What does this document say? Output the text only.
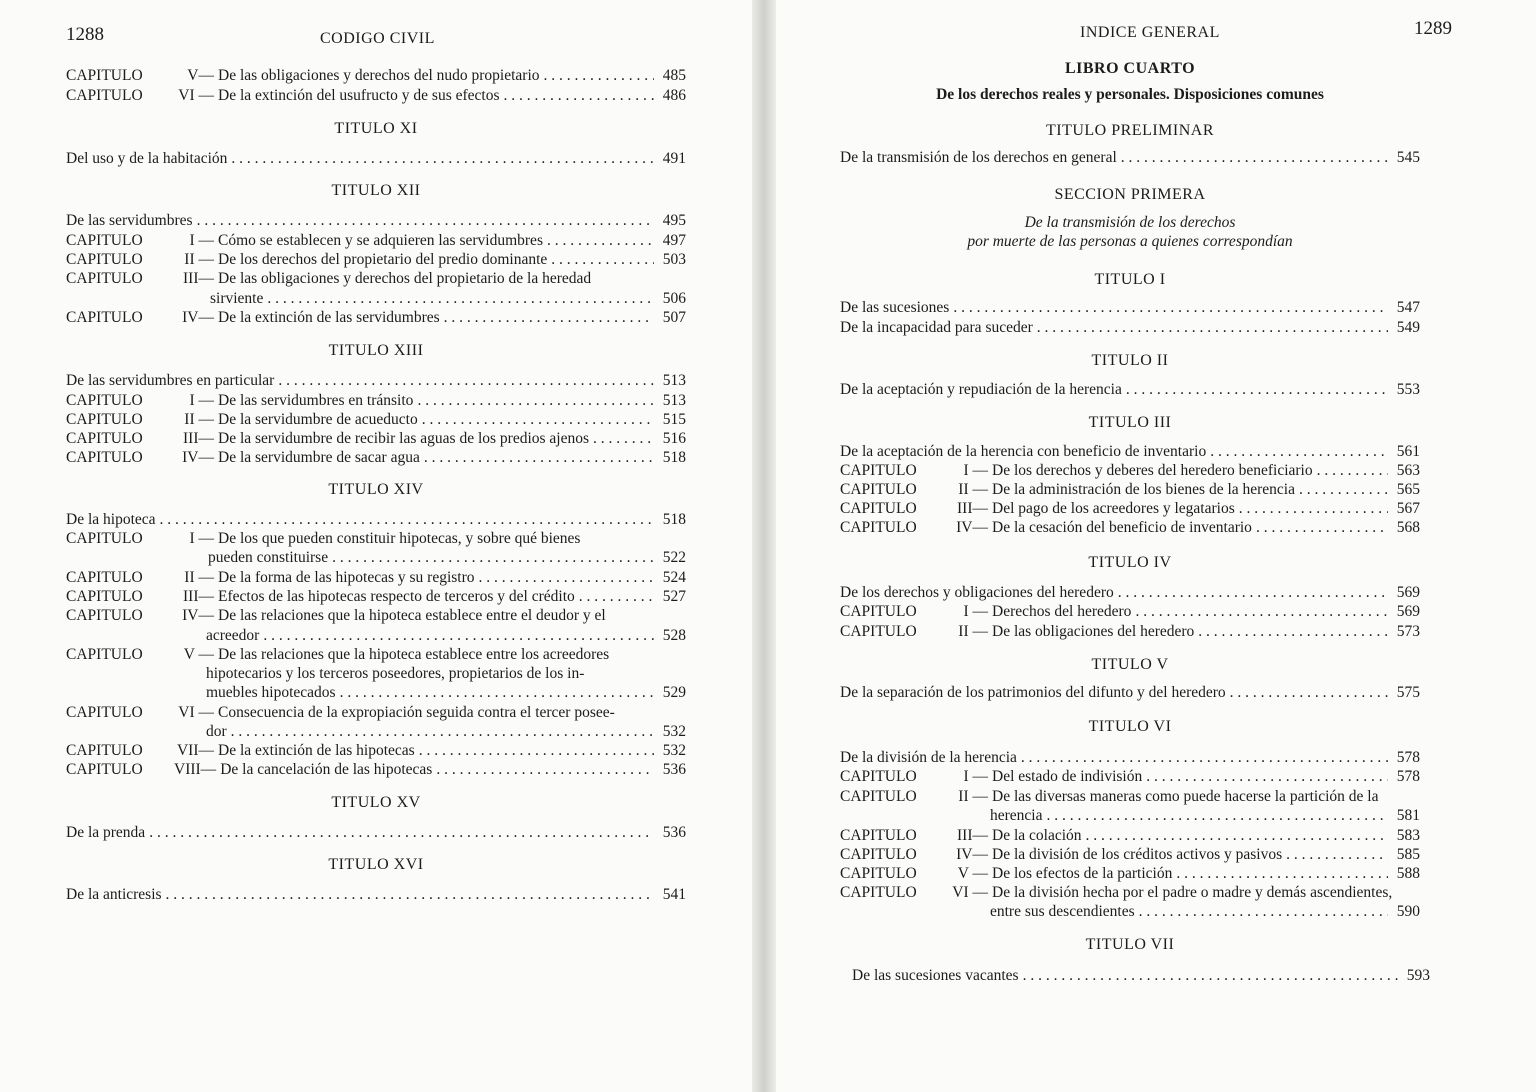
1288	CODIGO CIVIL
CAPITULO	V— De las obligaciones y derechos del nudo propietario . . .	485
CAPITULO	VI — De la extinción del usufructo y de sus efectos . . .	486
TITULO XI
Del uso y de la habitación . . .	491
TITULO XII
De las servidumbres . . .	495
CAPITULO	I — Cómo se establecen y se adquieren las servidumbres . . .	497
CAPITULO	II — De los derechos del propietario del predio dominante . . .	503
CAPITULO	III— De las obligaciones y derechos del propietario de la heredad
sirviente . . .	506
CAPITULO	IV— De la extinción de las servidumbres . . .	507
TITULO XIII
De las servidumbres en particular . . .	513
CAPITULO	I — De las servidumbres en tránsito . . .	513
CAPITULO	II — De la servidumbre de acueducto . . .	515
CAPITULO	III— De la servidumbre de recibir las aguas de los predios ajenos . . .	516
CAPITULO	IV— De la servidumbre de sacar agua . . .	518
TITULO XIV
De la hipoteca . . .	518
CAPITULO	I — De los que pueden constituir hipotecas, y sobre qué bienes
pueden constituirse . . .	522
CAPITULO	II — De la forma de las hipotecas y su registro . . .	524
CAPITULO	III— Efectos de las hipotecas respecto de terceros y del crédito . . .	527
CAPITULO	IV— De las relaciones que la hipoteca establece entre el deudor y el
acreedor . . .	528
CAPITULO	V — De las relaciones que la hipoteca establece entre los acreedores
hipotecarios y los terceros poseedores, propietarios de los in-
muebles hipotecados . . .	529
CAPITULO	VI — Consecuencia de la expropiación seguida contra el tercer posee-
dor . . .	532
CAPITULO	VII— De la extinción de las hipotecas . . .	532
CAPITULO	VIII— De la cancelación de las hipotecas . . .	536
TITULO XV
De la prenda . . .	536
TITULO XVI
De la anticresis . . .	541
INDICE GENERAL	1289
LIBRO CUARTO
De los derechos reales y personales. Disposiciones comunes
TITULO PRELIMINAR
De la transmisión de los derechos en general . . .	545
SECCION PRIMERA
De la transmisión de los derechos
por muerte de las personas a quienes correspondían
TITULO I
De las sucesiones . . .	547
De la incapacidad para suceder . . .	549
TITULO II
De la aceptación y repudiación de la herencia . . .	553
TITULO III
De la aceptación de la herencia con beneficio de inventario . . .	561
CAPITULO	I — De los derechos y deberes del heredero beneficiario . . .	563
CAPITULO	II — De la administración de los bienes de la herencia . . .	565
CAPITULO	III— Del pago de los acreedores y legatarios . . .	567
CAPITULO	IV— De la cesación del beneficio de inventario . . .	568
TITULO IV
De los derechos y obligaciones del heredero . . .	569
CAPITULO	I — Derechos del heredero . . .	569
CAPITULO	II — De las obligaciones del heredero . . .	573
TITULO V
De la separación de los patrimonios del difunto y del heredero . . .	575
TITULO VI
De la división de la herencia . . .	578
CAPITULO	I — Del estado de indivisión . . .	578
CAPITULO	II — De las diversas maneras como puede hacerse la partición de la
herencia . . .	581
CAPITULO	III— De la colación . . .	583
CAPITULO	IV— De la división de los créditos activos y pasivos . . .	585
CAPITULO	V — De los efectos de la partición . . .	588
CAPITULO	VI — De la división hecha por el padre o madre y demás ascendientes,
entre sus descendientes . . .	590
TITULO VII
De las sucesiones vacantes . . .	593
